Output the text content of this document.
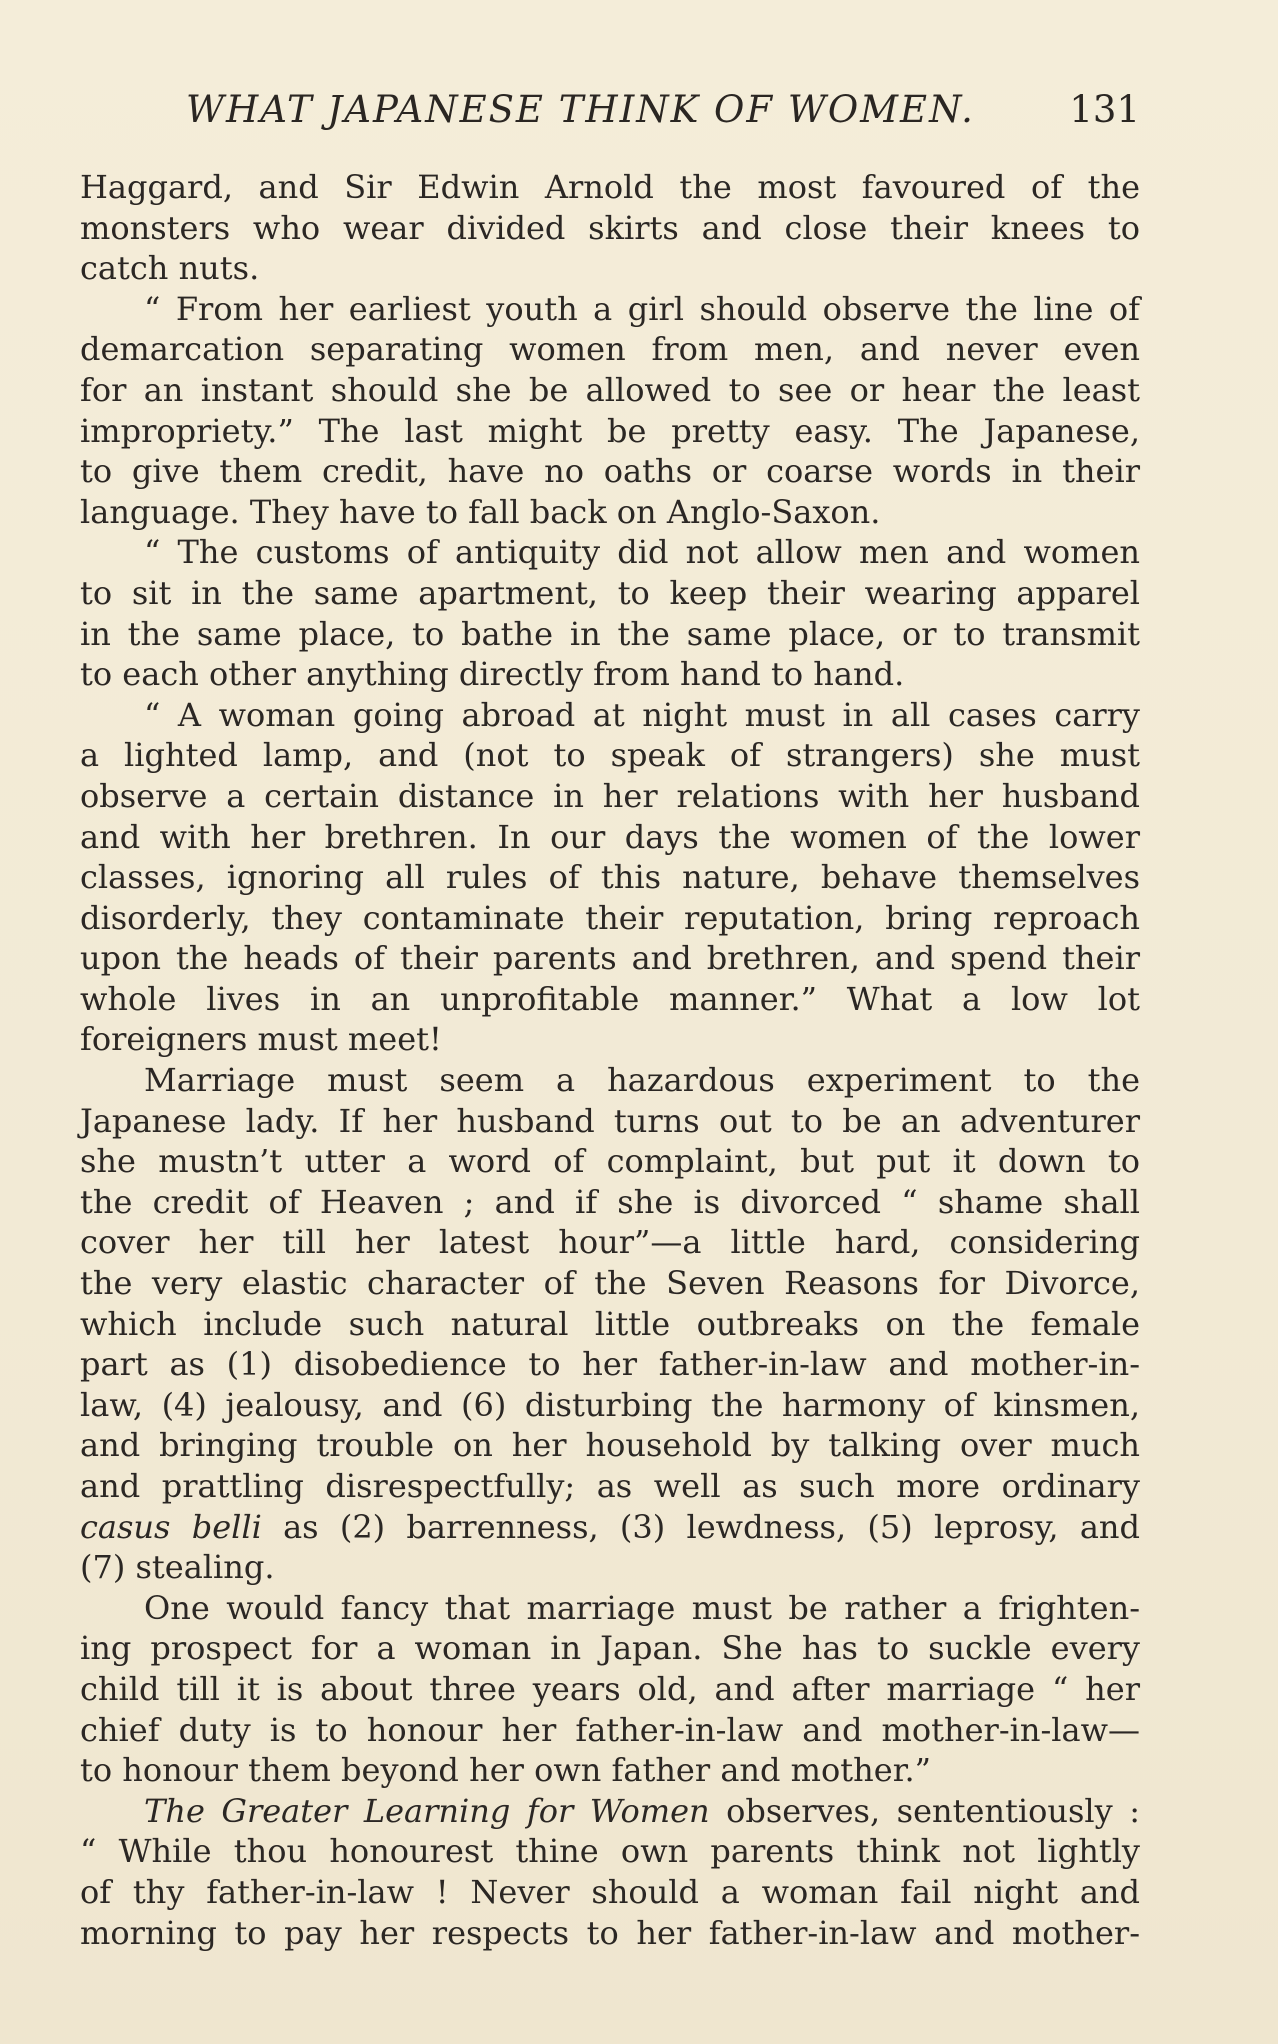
WHAT JAPANESE THINK OF WOMEN.	131
Haggard, and Sir Edwin Arnold the most favoured of the
monsters who wear divided skirts and close their knees to
catch nuts.
“ From her earliest youth a girl should observe the line of
demarcation separating women from men, and never even
for an instant should she be allowed to see or hear the least
impropriety.” The last might be pretty easy. The Japanese,
to give them credit, have no oaths or coarse words in their
language. They have to fall back on Anglo-Saxon.
“ The customs of antiquity did not allow men and women
to sit in the same apartment, to keep their wearing apparel
in the same place, to bathe in the same place, or to transmit
to each other anything directly from hand to hand.
“ A woman going abroad at night must in all cases carry
a lighted lamp, and (not to speak of strangers) she must
observe a certain distance in her relations with her husband
and with her brethren. In our days the women of the lower
classes, ignoring all rules of this nature, behave themselves
disorderly, they contaminate their reputation, bring reproach
upon the heads of their parents and brethren, and spend their
whole lives in an unprofitable manner.” What a low lot
foreigners must meet!
Marriage must seem a hazardous experiment to the
Japanese lady. If her husband turns out to be an adventurer
she mustn’t utter a word of complaint, but put it down to
the credit of Heaven ; and if she is divorced “ shame shall
cover her till her latest hour”—a little hard, considering
the very elastic character of the Seven Reasons for Divorce,
which include such natural little outbreaks on the female
part as (1) disobedience to her father-in-law and mother-in-
law, (4) jealousy, and (6) disturbing the harmony of kinsmen,
and bringing trouble on her household by talking over much
and prattling disrespectfully; as well as such more ordinary
casus belli as (2) barrenness, (3) lewdness, (5) leprosy, and
(7) stealing.
One would fancy that marriage must be rather a frighten-
ing prospect for a woman in Japan. She has to suckle every
child till it is about three years old, and after marriage “ her
chief duty is to honour her father-in-law and mother-in-law—
to honour them beyond her own father and mother.”
The Greater Learning for Women observes, sententiously :
“ While thou honourest thine own parents think not lightly
of thy father-in-law ! Never should a woman fail night and
morning to pay her respects to her father-in-law and mother-
